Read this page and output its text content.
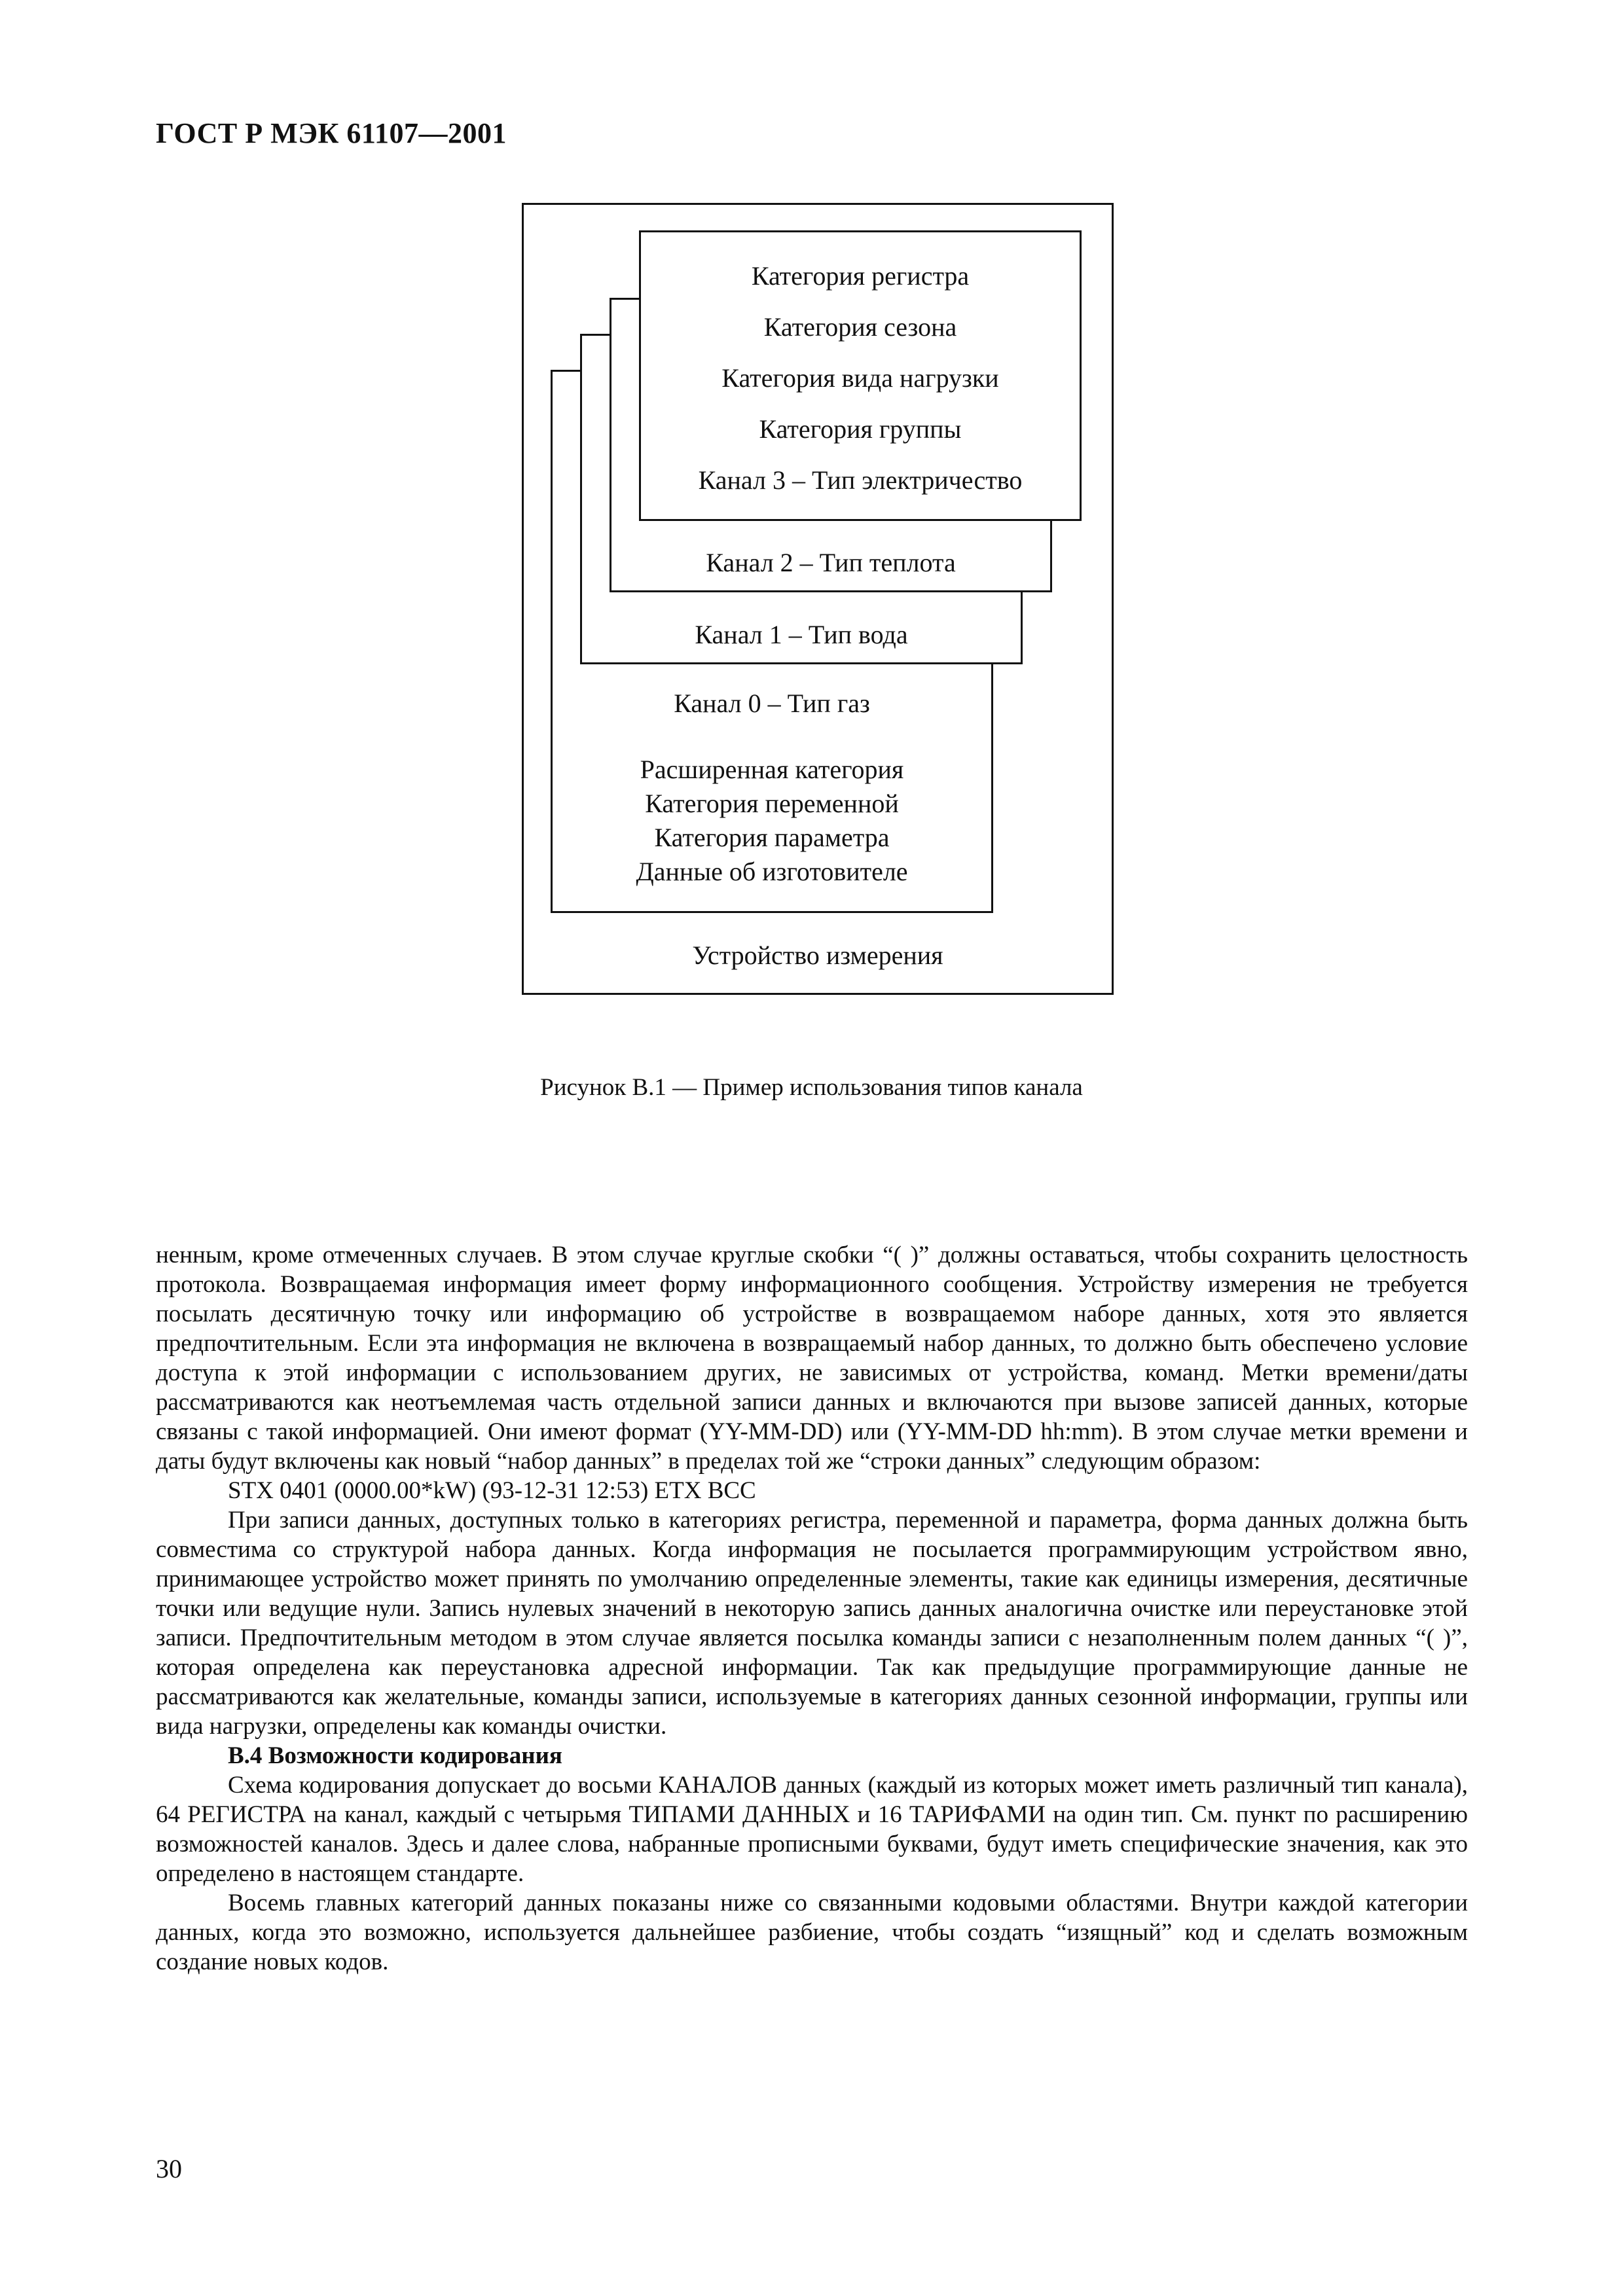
ГОСТ Р МЭК 61107—2001
Категория регистра
Категория сезона
Категория вида нагрузки
Категория группы
Канал 3 – Тип электричество
Канал 2 – Тип теплота
Канал 1 – Тип вода
Канал 0 – Тип газ
Расширенная категория
Категория переменной
Категория параметра
Данные об изготовителе
Устройство измерения
Рисунок В.1 — Пример использования типов канала

ненным, кроме отмеченных случаев. В этом случае круглые скобки “( )” должны оставаться, чтобы сохранить целостность протокола. Возвращаемая информация имеет форму информационного сообщения. Устройству измерения не требуется посылать десятичную точку или информацию об устройстве в возвращаемом наборе данных, хотя это является предпочтительным. Если эта информация не включена в возвращаемый набор данных, то должно быть обеспечено условие доступа к этой информации с использованием других, не зависимых от устройства, команд. Метки времени/даты рассматриваются как неотъемлемая часть отдельной записи данных и включаются при вызове записей данных, которые связаны с такой информацией. Они имеют формат (YY-MM-DD) или (YY-MM-DD hh:mm). В этом случае метки времени и даты будут включены как новый “набор данных” в пределах той же “строки данных” следующим образом:

STX 0401 (0000.00*kW) (93-12-31 12:53) ETX BCC

При записи данных, доступных только в категориях регистра, переменной и параметра, форма данных должна быть совместима со структурой набора данных. Когда информация не посылается программирующим устройством явно, принимающее устройство может принять по умолчанию определенные элементы, такие как единицы измерения, десятичные точки или ведущие нули. Запись нулевых значений в некоторую запись данных аналогична очистке или переустановке этой записи. Предпочтительным методом в этом случае является посылка команды записи с незаполненным полем данных “( )”, которая определена как переустановка адресной информации. Так как предыдущие программирующие данные не рассматриваются как желательные, команды записи, используемые в категориях данных сезонной информации, группы или вида нагрузки, определены как команды очистки.

В.4 Возможности кодирования

Схема кодирования допускает до восьми КАНАЛОВ данных (каждый из которых может иметь различный тип канала), 64 РЕГИСТРА на канал, каждый с четырьмя ТИПАМИ ДАННЫХ и 16 ТАРИФАМИ на один тип. См. пункт по расширению возможностей каналов. Здесь и далее слова, набранные прописными буквами, будут иметь специфические значения, как это определено в настоящем стандарте.

Восемь главных категорий данных показаны ниже со связанными кодовыми областями. Внутри каждой категории данных, когда это возможно, используется дальнейшее разбиение, чтобы создать “изящный” код и сделать возможным создание новых кодов.

30
